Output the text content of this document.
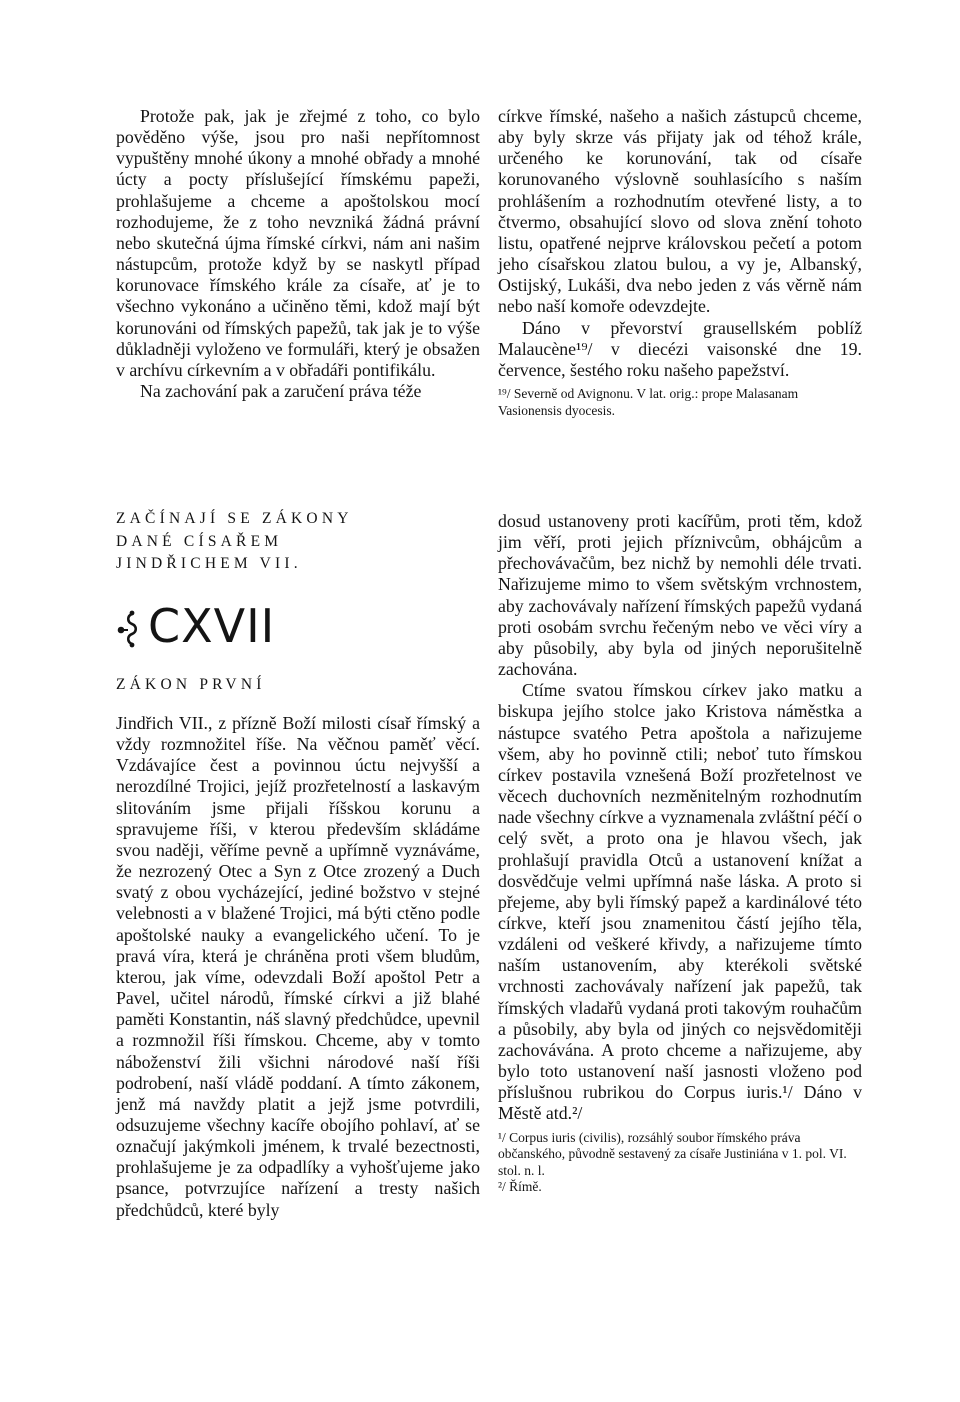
Protože pak, jak je zřejmé z toho, co bylo pověděno výše, jsou pro naši nepřítomnost vypuštěny mnohé úkony a mnohé obřady a mnohé úcty a pocty příslušející římskému papeži, prohlašujeme a chceme a apoštolskou mocí rozhodujeme, že z toho nevzniká žádná právní nebo skutečná újma římské církvi, nám ani našim nástupcům, protože když by se naskytl případ korunovace římského krále za císaře, ať je to všechno vykonáno a učiněno těmi, kdož mají být korunováni od římských papežů, tak jak je to výše důkladněji vyloženo ve formuláři, který je obsažen v archívu církevním a v obřadáři pontifikálu.

Na zachování pak a zaručení práva téže

církve římské, našeho a našich zástupců chceme, aby byly skrze vás přijaty jak od téhož krále, určeného ke korunování, tak od císaře korunovaného výslovně souhlasícího s naším prohlášením a rozhodnutím otevřené listy, a to čtvermo, obsahující slovo od slova znění tohoto listu, opatřené nejprve královskou pečetí a potom jeho císařskou zlatou bulou, a vy je, Albanský, Ostijský, Lukáši, dva nebo jeden z vás věrně nám nebo naší komoře odevzdejte.

Dáno v převorství grausellském poblíž Malaucène¹⁹/ v diecézi vaisonské dne 19. července, šestého roku našeho papežství.

¹⁹/ Severně od Avignonu. V lat. orig.: prope Malasanam Vasionensis dyocesis.
ZAČÍNAJÍ SE ZÁKONY
DANÉ CÍSAŘEM
JINDŘICHEM VII.
CXVII
ZÁKON PRVNÍ

Jindřich VII., z přízně Boží milosti císař římský a vždy rozmnožitel říše. Na věčnou paměť věcí. Vzdávajíce čest a povinnou úctu nejvyšší a nerozdílné Trojici, jejíž prozřetelností a laskavým slitováním jsme přijali říšskou korunu a spravujeme říši, v kterou především skládáme svou naději, věříme pevně a upřímně vyznáváme, že nezrozený Otec a Syn z Otce zrozený a Duch svatý z obou vycházející, jediné božstvo v stejné velebnosti a v blažené Trojici, má býti ctěno podle apoštolské nauky a evangelického učení. To je pravá víra, která je chráněna proti všem bludům, kterou, jak víme, odevzdali Boží apoštol Petr a Pavel, učitel národů, římské církvi a již blahé paměti Konstantin, náš slavný předchůdce, upevnil a rozmnožil říši římskou. Chceme, aby v tomto náboženství žili všichni národové naší říši podrobení, naší vládě poddaní. A tímto zákonem, jenž má navždy platit a jejž jsme potvrdili, odsuzujeme všechny kacíře obojího pohlaví, ať se označují jakýmkoli jménem, k trvalé bezectnosti, prohlašujeme je za odpadlíky a vyhošťujeme jako psance, potvrzujíce nařízení a tresty našich předchůdců, které byly

dosud ustanoveny proti kacířům, proti těm, kdož jim věří, proti jejich příznivcům, obhájcům a přechovávačům, bez nichž by nemohli déle trvati. Nařizujeme mimo to všem světským vrchnostem, aby zachovávaly nařízení římských papežů vydaná proti osobám svrchu řečeným nebo ve věci víry a aby působily, aby byla od jiných neporušitelně zachována.

Ctíme svatou římskou církev jako matku a biskupa jejího stolce jako Kristova náměstka a nástupce svatého Petra apoštola a nařizujeme všem, aby ho povinně ctili; neboť tuto římskou církev postavila vznešená Boží prozřetelnost ve věcech duchovních nezměnitelným rozhodnutím nade všechny církve a vyznamenala zvláštní péčí o celý svět, a proto ona je hlavou všech, jak prohlašují pravidla Otců a ustanovení knížat a dosvědčuje velmi upřímná naše láska. A proto si přejeme, aby byli římský papež a kardinálové této církve, kteří jsou znamenitou částí jejího těla, vzdáleni od veškeré křivdy, a nařizujeme tímto naším ustanovením, aby kterékoli světské vrchnosti zachovávaly nařízení jak papežů, tak římských vladařů vydaná proti takovým rouhačům a působily, aby byla od jiných co nejsvědomitěji zachovávána. A proto chceme a nařizujeme, aby bylo toto ustanovení naší jasnosti vloženo pod příslušnou rubrikou do Corpus iuris.¹/ Dáno v Městě atd.²/

¹/ Corpus iuris (civilis), rozsáhlý soubor římského práva občanského, původně sestavený za císaře Justiniána v 1. pol. VI. stol. n. l.
²/ Římě.
